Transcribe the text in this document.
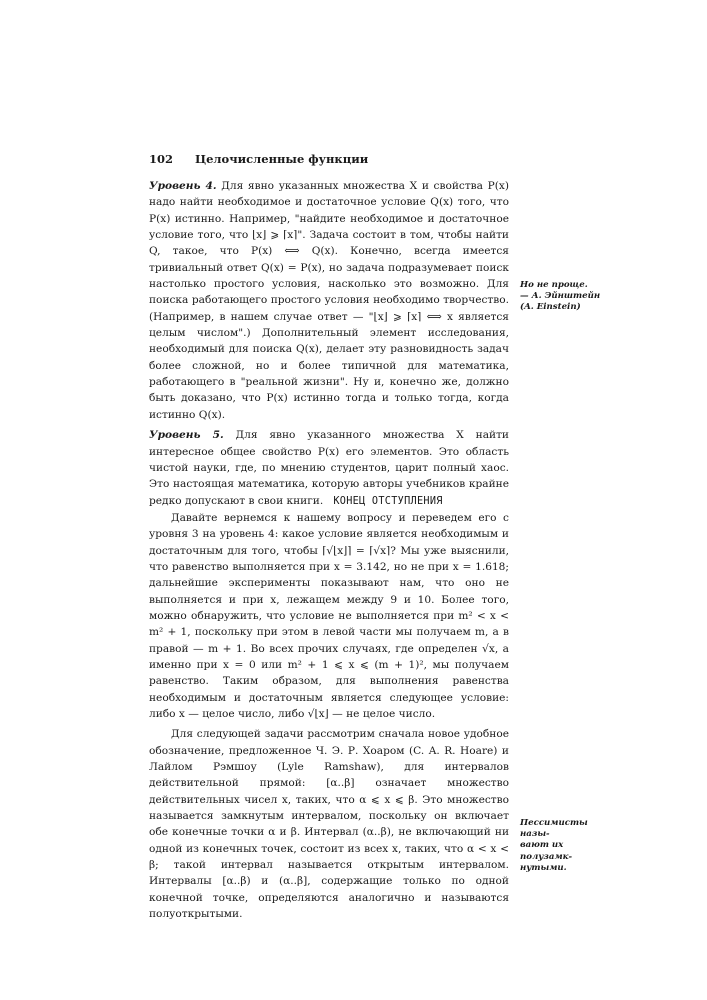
102 Целочисленные функции

Уровень 4. Для явно указанных множества X и свойства P(x) надо найти необходимое и достаточное условие Q(x) того, что P(x) истинно. Например, "найдите необходимое и достаточное условие того, что ⌊x⌋ ⩾ ⌈x⌉". Задача состоит в том, чтобы найти Q, такое, что P(x) ⟺ Q(x). Конечно, всегда имеется тривиальный ответ Q(x) = P(x), но задача подразумевает поиск настолько простого условия, насколько это возможно. Для поиска работающего простого условия необходимо творчество. (Например, в нашем случае ответ — "⌊x⌋ ⩾ ⌈x⌉ ⟺ x является целым числом".) Дополнительный элемент исследования, необходимый для поиска Q(x), делает эту разновидность задач более сложной, но и более типичной для математика, работающего в "реальной жизни". Ну и, конечно же, должно быть доказано, что P(x) истинно тогда и только тогда, когда истинно Q(x).

Уровень 5. Для явно указанного множества X найти интересное общее свойство P(x) его элементов. Это область чистой науки, где, по мнению студентов, царит полный хаос. Это настоящая математика, которую авторы учебников крайне редко допускают в свои книги. КОНЕЦ ОТСТУПЛЕНИЯ

Давайте вернемся к нашему вопросу и переведем его с уровня 3 на уровень 4: какое условие является необходимым и достаточным для того, чтобы ⌈√⌊x⌋⌉ = ⌈√x⌉? Мы уже выяснили, что равенство выполняется при x = 3.142, но не при x = 1.618; дальнейшие эксперименты показывают нам, что оно не выполняется и при x, лежащем между 9 и 10. Более того, можно обнаружить, что условие не выполняется при m² < x < m² + 1, поскольку при этом в левой части мы получаем m, а в правой — m + 1. Во всех прочих случаях, где определен √x, а именно при x = 0 или m² + 1 ⩽ x ⩽ (m + 1)², мы получаем равенство. Таким образом, для выполнения равенства необходимым и достаточным является следующее условие: либо x — целое число, либо √⌊x⌋ — не целое число.

Для следующей задачи рассмотрим сначала новое удобное обозначение, предложенное Ч. Э. Р. Хоаром (C. A. R. Hoare) и Лайлом Рэмшоу (Lyle Ramshaw), для интервалов действительной прямой: [α..β] означает множество действительных чисел x, таких, что α ⩽ x ⩽ β. Это множество называется замкнутым интервалом, поскольку он включает обе конечные точки α и β. Интервал (α..β), не включающий ни одной из конечных точек, состоит из всех x, таких, что α < x < β; такой интервал называется открытым интервалом. Интервалы [α..β) и (α..β], содержащие только по одной конечной точке, определяются аналогично и называются полуоткрытыми.

Но не проще.
— А. Эйнштейн
(A. Einstein)
Пессимисты назы-
вают их полузамк-
нутыми.
